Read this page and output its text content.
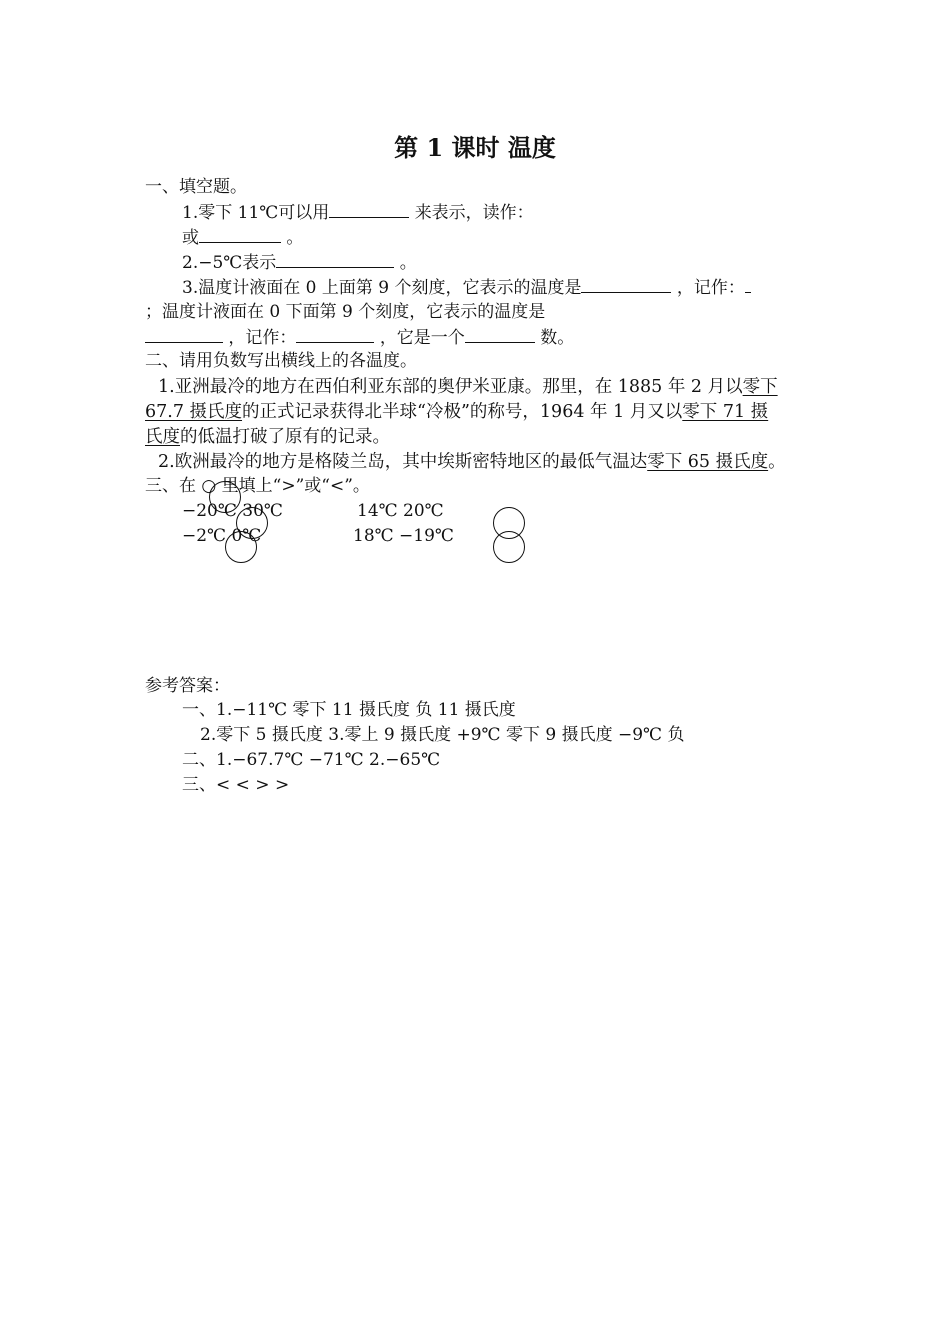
第 1 课时 温度
一、填空题。
1.零下 11℃可以用	来表示，读作：
或	。
2.−5℃表示	。
3.温度计液面在 0 上面第 9 个刻度，它表示的温度是	，记作：
；温度计液面在 0 下面第 9 个刻度，它表示的温度是
，记作：	，它是一个	数。
二、请用负数写出横线上的各温度。
1.亚洲最冷的地方在西伯利亚东部的奥伊米亚康。那里，在 1885 年 2 月以零下
67.7 摄氏度的正式记录获得北半球“冷极”的称号，1964 年 1 月又以零下 71 摄
氏度的低温打破了原有的记录。
2.欧洲最冷的地方是格陵兰岛，其中埃斯密特地区的最低气温达零下 65 摄氏度。
三、在 ○ 里填上“>”或“<”。
−20℃ 30℃	14℃ 20℃
−2℃ 0℃	18℃ −19℃
参考答案：
一、1.−11℃ 零下 11 摄氏度 负 11 摄氏度
2.零下 5 摄氏度 3.零上 9 摄氏度 +9℃ 零下 9 摄氏度 −9℃ 负
二、1.−67.7℃ −71℃ 2.−65℃
三、< < > >
